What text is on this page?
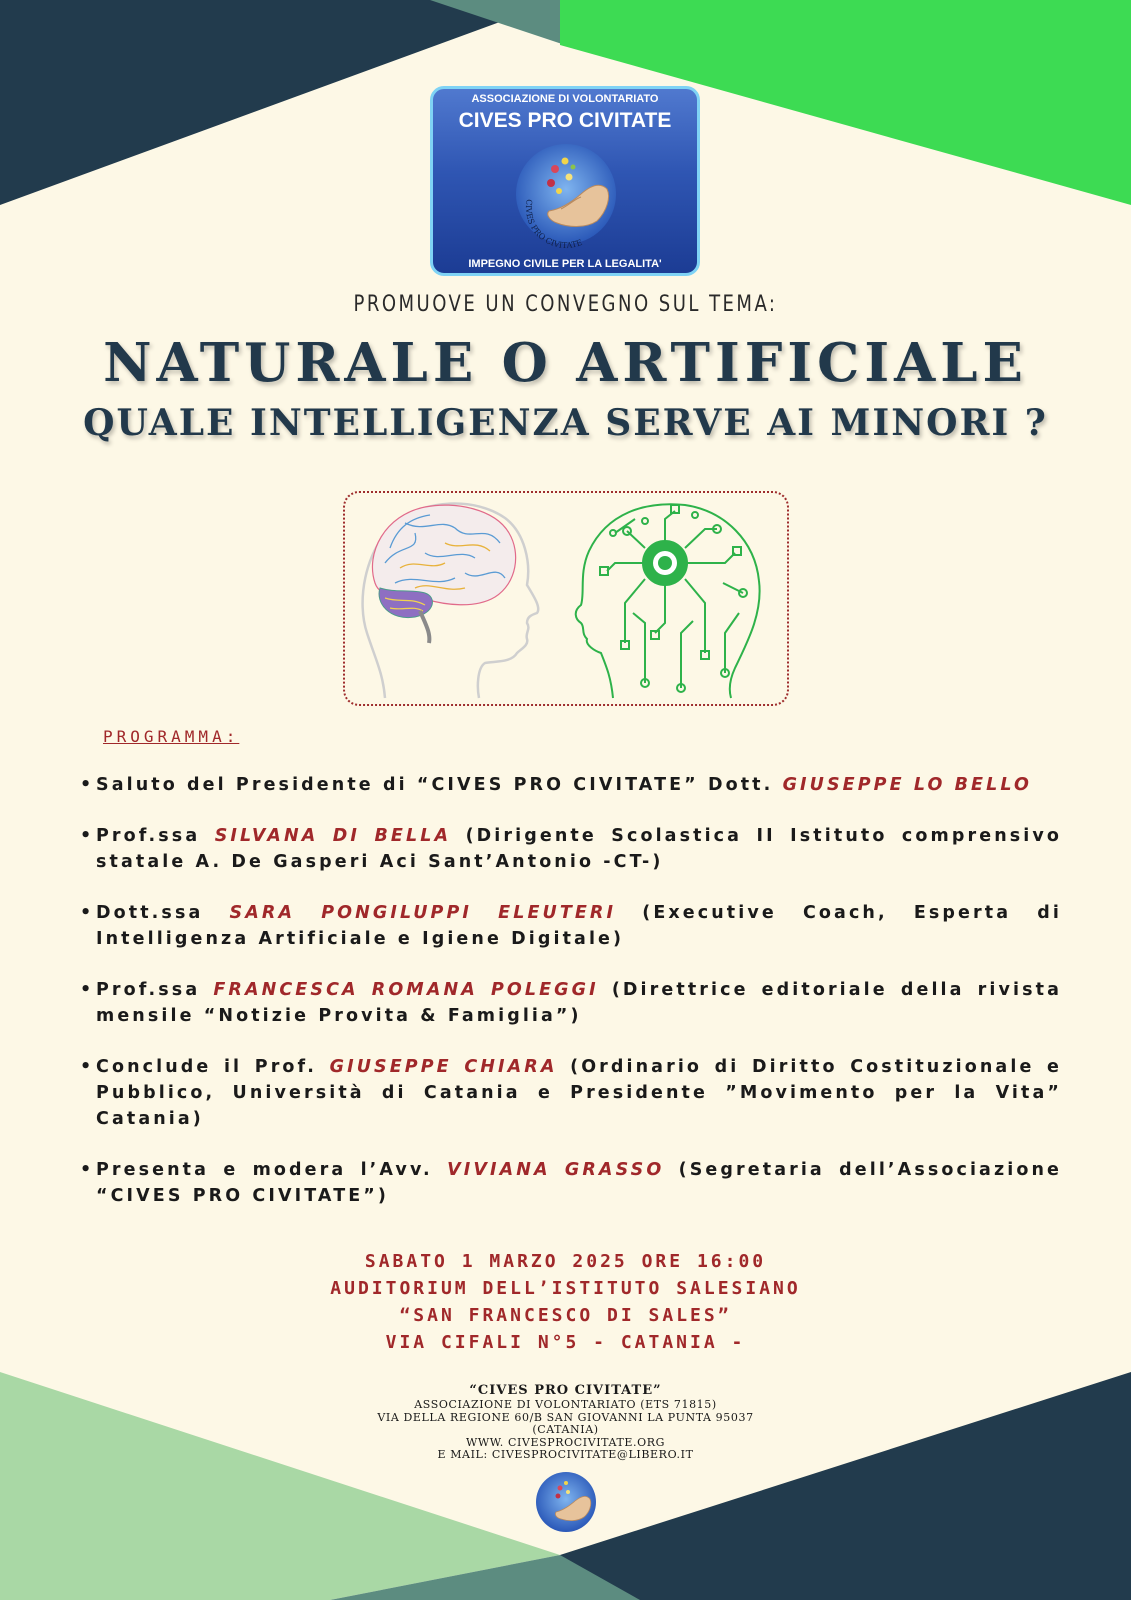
ASSOCIAZIONE DI VOLONTARIATO
CIVES PRO CIVITATE
CIVES PRO CIVITATE
IMPEGNO CIVILE PER LA LEGALITA'
PROMUOVE UN CONVEGNO SUL TEMA:
NATURALE O ARTIFICIALE
QUALE INTELLIGENZA SERVE AI MINORI ?
PROGRAMMA:
• Saluto del Presidente di “CIVES PRO CIVITATE” Dott. GIUSEPPE LO BELLO
• Prof.ssa SILVANA DI BELLA (Dirigente Scolastica II Istituto comprensivo statale A. De Gasperi Aci Sant’Antonio -CT-)
• Dott.ssa SARA PONGILUPPI ELEUTERI (Executive Coach, Esperta di Intelligenza Artificiale e Igiene Digitale)
• Prof.ssa FRANCESCA ROMANA POLEGGI (Direttrice editoriale della rivista mensile “Notizie Provita & Famiglia”)
• Conclude il Prof. GIUSEPPE CHIARA (Ordinario di Diritto Costituzionale e Pubblico, Università di Catania e Presidente ”Movimento per la Vita” Catania)
• Presenta e modera l’Avv. VIVIANA GRASSO (Segretaria dell’Associazione “CIVES PRO CIVITATE”)
SABATO 1 MARZO 2025 ORE 16:00
AUDITORIUM DELL’ISTITUTO SALESIANO
“SAN FRANCESCO DI SALES”
VIA CIFALI N°5 - CATANIA -
“CIVES PRO CIVITATE”
ASSOCIAZIONE DI VOLONTARIATO (ETS 71815)
VIA DELLA REGIONE 60/B SAN GIOVANNI LA PUNTA 95037
(CATANIA)
WWW. CIVESPROCIVITATE.ORG
E MAIL: CIVESPROCIVITATE@LIBERO.IT
